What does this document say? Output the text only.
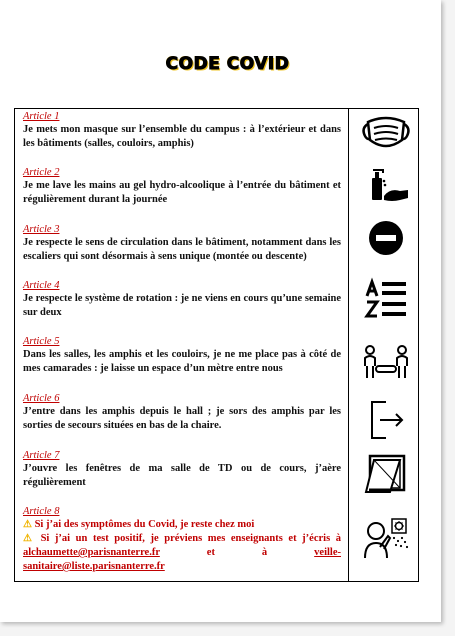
CODE COVID
Article 1
Je mets mon masque sur l’ensemble du campus : à l’extérieur et dans les bâtiments (salles, couloirs, amphis)
Article 2
Je me lave les mains au gel hydro-alcoolique à l’entrée du bâtiment et régulièrement durant la journée
Article 3
Je respecte le sens de circulation dans le bâtiment, notamment dans les escaliers qui sont désormais à sens unique (montée ou descente)
Article 4
Je respecte le système de rotation : je ne viens en cours qu’une semaine sur deux
Article 5
Dans les salles, les amphis et les couloirs, je ne me place pas à côté de mes camarades : je laisse un espace d’un mètre entre nous
Article 6
J’entre dans les amphis depuis le hall ; je sors des amphis par les sorties de secours situées en bas de la chaire.
Article 7
J’ouvre les fenêtres de ma salle de TD ou de cours, j’aère régulièrement
Article 8
⚠ Si j’ai des symptômes du Covid, je reste chez moi
⚠ Si j’ai un test positif, je préviens mes enseignants et j’écris à alchaumette@parisnanterre.fr	et à	veille-sanitaire@liste.parisnanterre.fr
